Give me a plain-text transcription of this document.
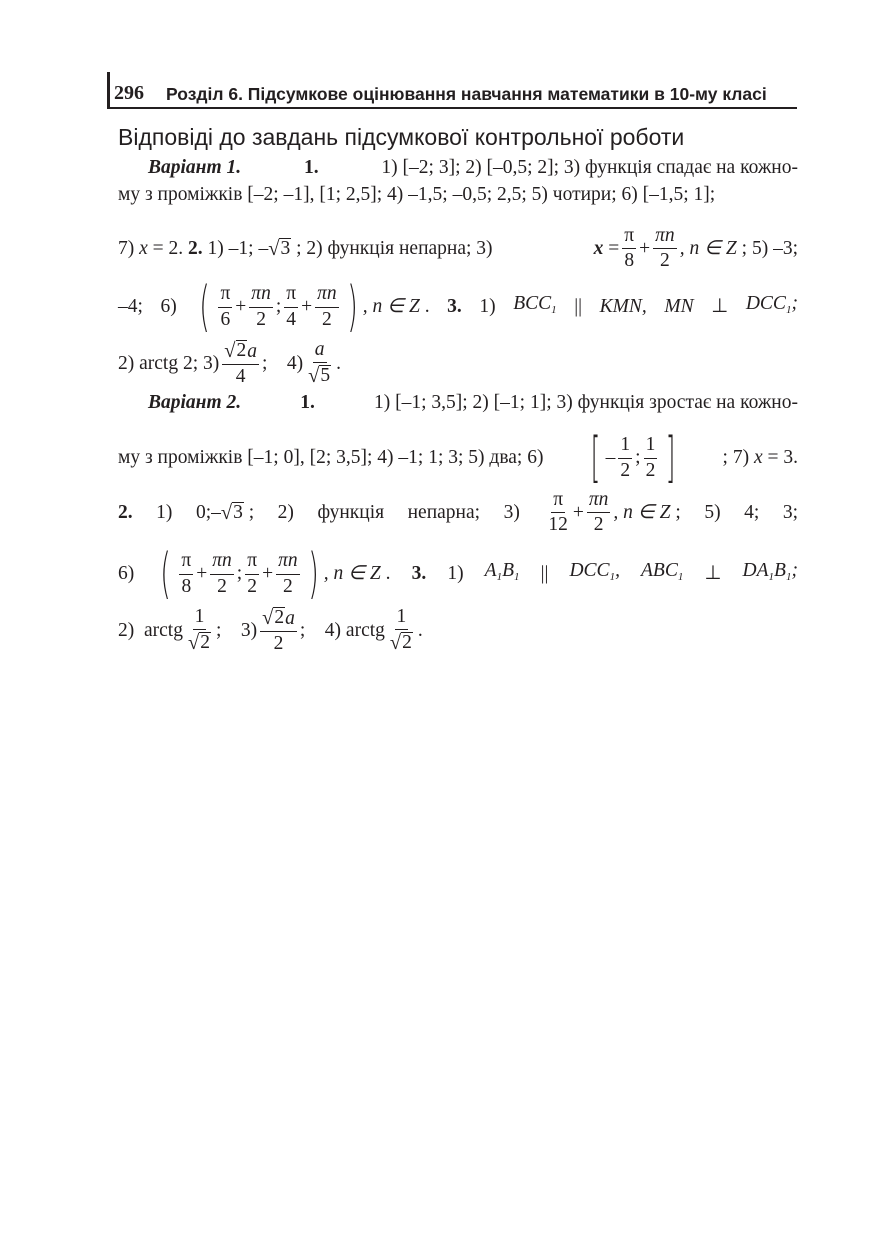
296 Розділ 6. Підсумкове оцінювання навчання математики в 10-му класі
Відповіді до завдань підсумкової контрольної роботи
Варіант 1.	1.	1) [–2; 3]; 2) [–0,5; 2]; 3) функція спадає на кожно-
му з проміжків [–2; –1], [1; 2,5]; 4) –1,5; –0,5; 2,5; 5) чотири; 6) [–1,5; 1];
7)
x
= 2.
2.
1) –1;
– √ 3
; 2) функція непарна; 3)	x
= $\frac{\pi}{8} + \frac{\pi n}{2}$ , n ∈ Z
; 5) –3;
–4; 6) ( $\frac{\pi}{6} + \frac{\pi n}{2}$ ; $\frac{\pi}{4} + \frac{\pi n}{2}$ ) , n ∈ Z
. 3. 1) $BCC_1$ || KMN, MN ⊥ $DCC_1$;
2) arctg 2; $3) \frac{√ 2 a}{4}$ ;
$4) \frac{a}{√ 5}$ .
Варіант 2.	1.	1) [–1; 3,5]; 2) [–1; 1]; 3) функція зростає на кожно-
му з проміжків [–1; 0], [2; 3,5]; 4) –1; 1; 3; 5) два; 6) [ – $\frac{1}{2}$ ; $\frac{1}{2}$ ] ; 7)
x
= 3.
2. 1) 0;– √ 3
; 2) функція непарна; $3) \frac{\pi}{12} + \frac{\pi n}{2}$ , n ∈ Z
; 5) 4; 3;
6) ( $\frac{\pi}{8} + \frac{\pi n}{2}$ ; $\frac{\pi}{2} + \frac{\pi n}{2}$ ) , n ∈ Z
. 3. 1) $A_1B_1$ || $DCC_1$, $ABC_1$ ⊥ $DA_1B_1$;
2)
arctg $\frac{1}{√ 2}$ ;
$3) \frac{√ 2 a}{2}$ ;
4)
arctg $\frac{1}{√ 2}$ .
